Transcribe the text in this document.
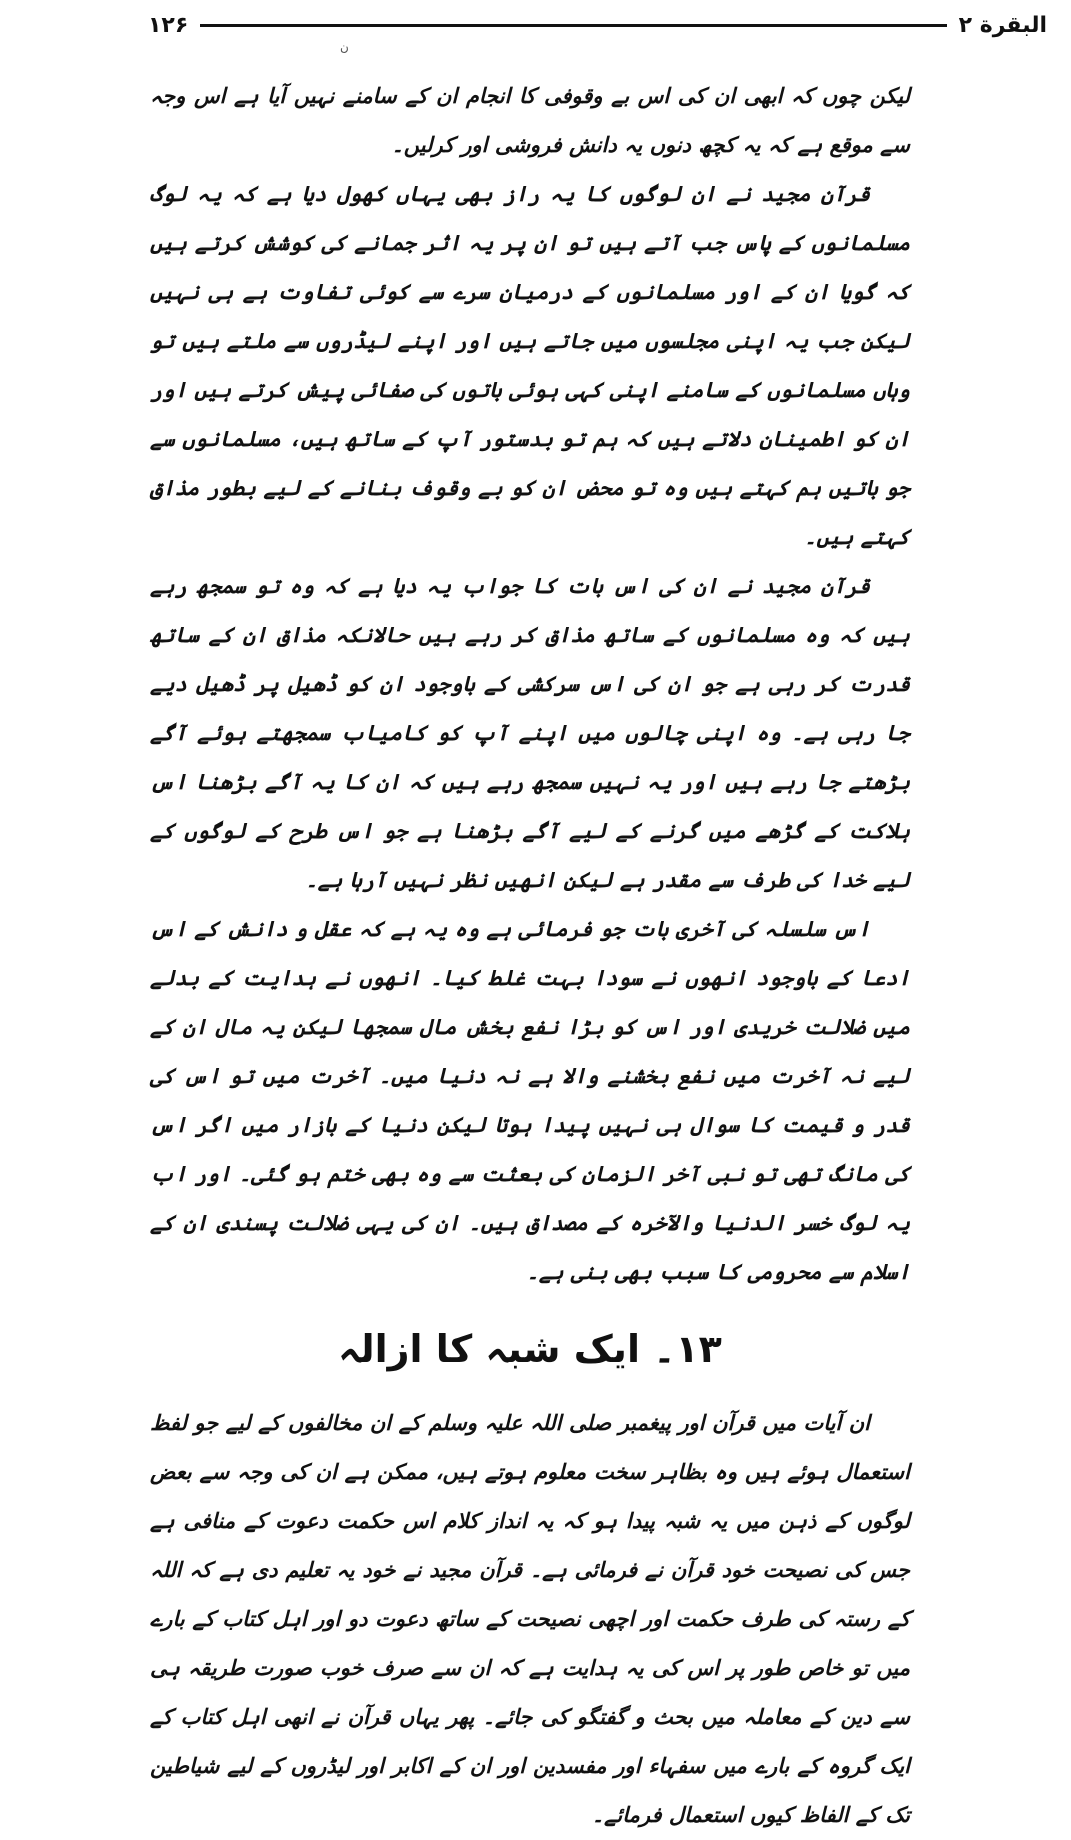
۱۲۶	البقرة ۲
ن

لیکن چوں کہ ابھی ان کی اس بے وقوفی کا انجام ان کے سامنے نہیں آیا ہے اس وجہ سے موقع ہے کہ یہ کچھ دنوں یہ دانش فروشی اور کرلیں۔

قرآن مجید نے ان لوگوں کا یہ راز بھی یہاں کھول دیا ہے کہ یہ لوگ مسلمانوں کے پاس جب آتے ہیں تو ان پر یہ اثر جمانے کی کوشش کرتے ہیں کہ گویا ان کے اور مسلمانوں کے درمیان سرے سے کوئی تفاوت ہے ہی نہیں لیکن جب یہ اپنی مجلسوں میں جاتے ہیں اور اپنے لیڈروں سے ملتے ہیں تو وہاں مسلمانوں کے سامنے اپنی کہی ہوئی باتوں کی صفائی پیش کرتے ہیں اور ان کو اطمینان دلاتے ہیں کہ ہم تو بدستور آپ کے ساتھ ہیں، مسلمانوں سے جو باتیں ہم کہتے ہیں وہ تو محض ان کو بے وقوف بنانے کے لیے بطور مذاق کہتے ہیں۔

قرآن مجید نے ان کی اس بات کا جواب یہ دیا ہے کہ وہ تو سمجھ رہے ہیں کہ وہ مسلمانوں کے ساتھ مذاق کر رہے ہیں حالانکہ مذاق ان کے ساتھ قدرت کر رہی ہے جو ان کی اس سرکشی کے باوجود ان کو ڈھیل پر ڈھیل دیے جا رہی ہے۔ وہ اپنی چالوں میں اپنے آپ کو کامیاب سمجھتے ہوئے آگے بڑھتے جا رہے ہیں اور یہ نہیں سمجھ رہے ہیں کہ ان کا یہ آگے بڑھنا اس ہلاکت کے گڑھے میں گرنے کے لیے آگے بڑھنا ہے جو اس طرح کے لوگوں کے لیے خدا کی طرف سے مقدر ہے لیکن انھیں نظر نہیں آرہا ہے۔

اس سلسلہ کی آخری بات جو فرمائی ہے وہ یہ ہے کہ عقل و دانش کے اس ادعا کے باوجود انھوں نے سودا بہت غلط کیا۔ انھوں نے ہدایت کے بدلے میں ضلالت خریدی اور اس کو بڑا نفع بخش مال سمجھا لیکن یہ مال ان کے لیے نہ آخرت میں نفع بخشنے والا ہے نہ دنیا میں۔ آخرت میں تو اس کی قدر و قیمت کا سوال ہی نہیں پیدا ہوتا لیکن دنیا کے بازار میں اگر اس کی مانگ تھی تو نبی آخر الزمان کی بعثت سے وہ بھی ختم ہو گئی۔ اور اب یہ لوگ خسر الدنیا والآخرہ کے مصداق ہیں۔ ان کی یہی ضلالت پسندی ان کے اسلام سے محرومی کا سبب بھی بنی ہے۔

۱۳۔ ایک شبہ کا ازالہ

ان آیات میں قرآن اور پیغمبر صلی اللہ علیہ وسلم کے ان مخالفوں کے لیے جو لفظ استعمال ہوئے ہیں وہ بظاہر سخت معلوم ہوتے ہیں، ممکن ہے ان کی وجہ سے بعض لوگوں کے ذہن میں یہ شبہ پیدا ہو کہ یہ انداز کلام اس حکمت دعوت کے منافی ہے جس کی نصیحت خود قرآن نے فرمائی ہے۔ قرآن مجید نے خود یہ تعلیم دی ہے کہ اللہ کے رستہ کی طرف حکمت اور اچھی نصیحت کے ساتھ دعوت دو اور اہل کتاب کے بارے میں تو خاص طور پر اس کی یہ ہدایت ہے کہ ان سے صرف خوب صورت طریقہ ہی سے دین کے معاملہ میں بحث و گفتگو کی جائے۔ پھر یہاں قرآن نے انھی اہل کتاب کے ایک گروہ کے بارے میں سفہاء اور مفسدین اور ان کے اکابر اور لیڈروں کے لیے شیاطین تک کے الفاظ کیوں استعمال فرمائے۔
